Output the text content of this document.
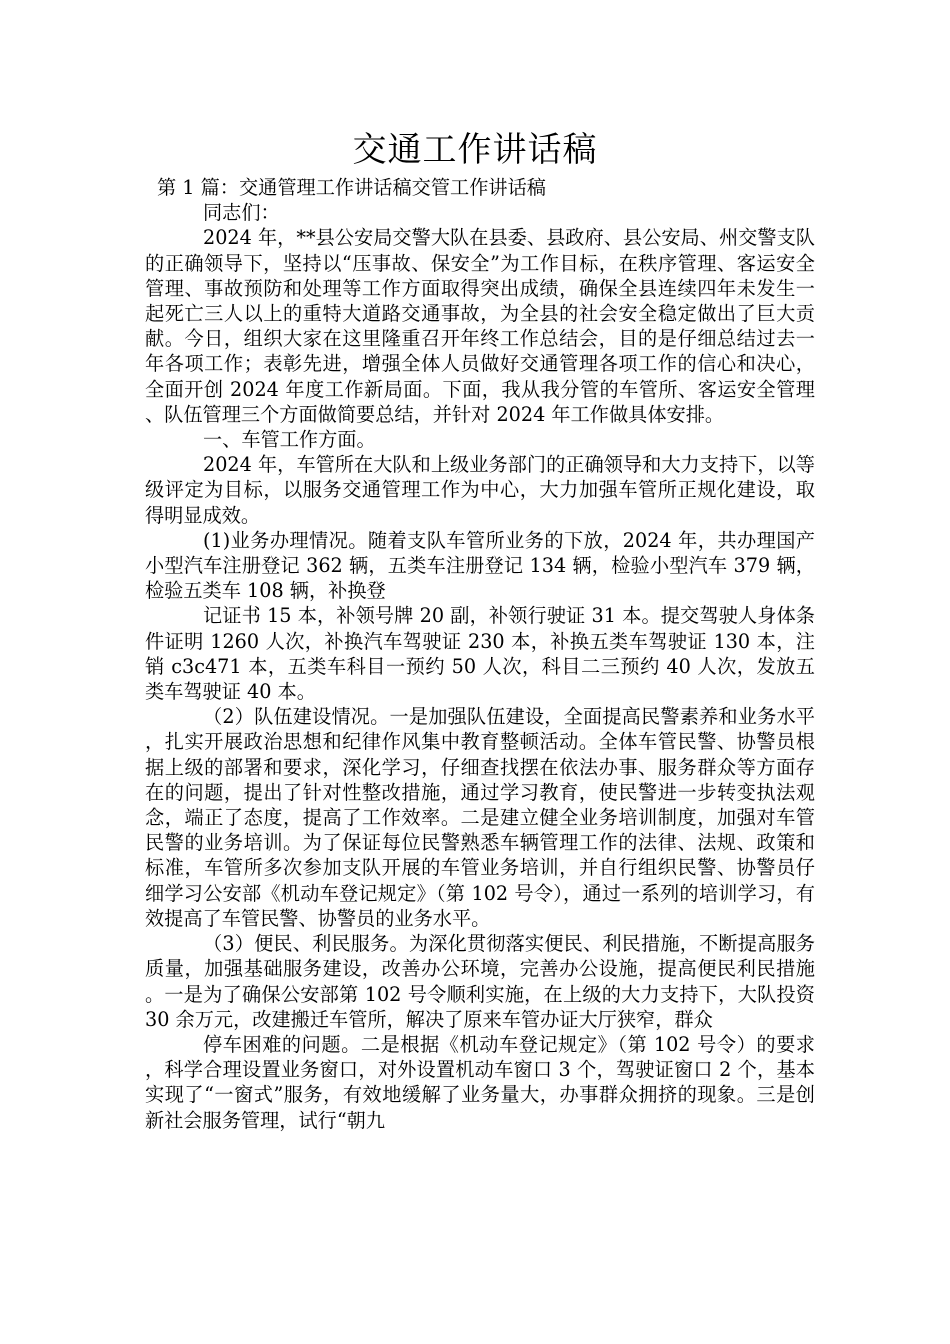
交通工作讲话稿

第 1 篇：交通管理工作讲话稿交管工作讲话稿

同志们：

2024 年，**县公安局交警大队在县委、县政府、县公安局、州交警支队的正确领导下，坚持以“压事故、保安全”为工作目标，在秩序管理、客运安全管理、事故预防和处理等工作方面取得突出成绩，确保全县连续四年未发生一起死亡三人以上的重特大道路交通事故，为全县的社会安全稳定做出了巨大贡献。今日，组织大家在这里隆重召开年终工作总结会，目的是仔细总结过去一年各项工作；表彰先进，增强全体人员做好交通管理各项工作的信心和决心，全面开创 2024 年度工作新局面。下面，我从我分管的车管所、客运安全管理、队伍管理三个方面做简要总结，并针对 2024 年工作做具体安排。

一、车管工作方面。

2024 年，车管所在大队和上级业务部门的正确领导和大力支持下，以等级评定为目标，以服务交通管理工作为中心，大力加强车管所正规化建设，取得明显成效。

(1)业务办理情况。随着支队车管所业务的下放，2024 年，共办理国产小型汽车注册登记 362 辆，五类车注册登记 134 辆，检验小型汽车 379 辆，检验五类车 108 辆，补换登

记证书 15 本，补领号牌 20 副，补领行驶证 31 本。提交驾驶人身体条件证明 1260 人次，补换汽车驾驶证 230 本，补换五类车驾驶证 130 本，注销 c3c471 本，五类车科目一预约 50 人次，科目二三预约 40 人次，发放五类车驾驶证 40 本。

（2）队伍建设情况。一是加强队伍建设，全面提高民警素养和业务水平，扎实开展政治思想和纪律作风集中教育整顿活动。全体车管民警、协警员根据上级的部署和要求，深化学习，仔细查找摆在依法办事、服务群众等方面存在的问题，提出了针对性整改措施，通过学习教育，使民警进一步转变执法观念，端正了态度，提高了工作效率。二是建立健全业务培训制度，加强对车管民警的业务培训。为了保证每位民警熟悉车辆管理工作的法律、法规、政策和标准，车管所多次参加支队开展的车管业务培训，并自行组织民警、协警员仔细学习公安部《机动车登记规定》（第 102 号令），通过一系列的培训学习，有效提高了车管民警、协警员的业务水平。

（3）便民、利民服务。为深化贯彻落实便民、利民措施，不断提高服务质量，加强基础服务建设，改善办公环境，完善办公设施，提高便民利民措施。一是为了确保公安部第 102 号令顺利实施，在上级的大力支持下，大队投资 30 余万元，改建搬迁车管所，解决了原来车管办证大厅狭窄，群众

停车困难的问题。二是根据《机动车登记规定》（第 102 号令）的要求，科学合理设置业务窗口，对外设置机动车窗口 3 个，驾驶证窗口 2 个，基本实现了“一窗式”服务，有效地缓解了业务量大，办事群众拥挤的现象。三是创新社会服务管理，试行“朝九
